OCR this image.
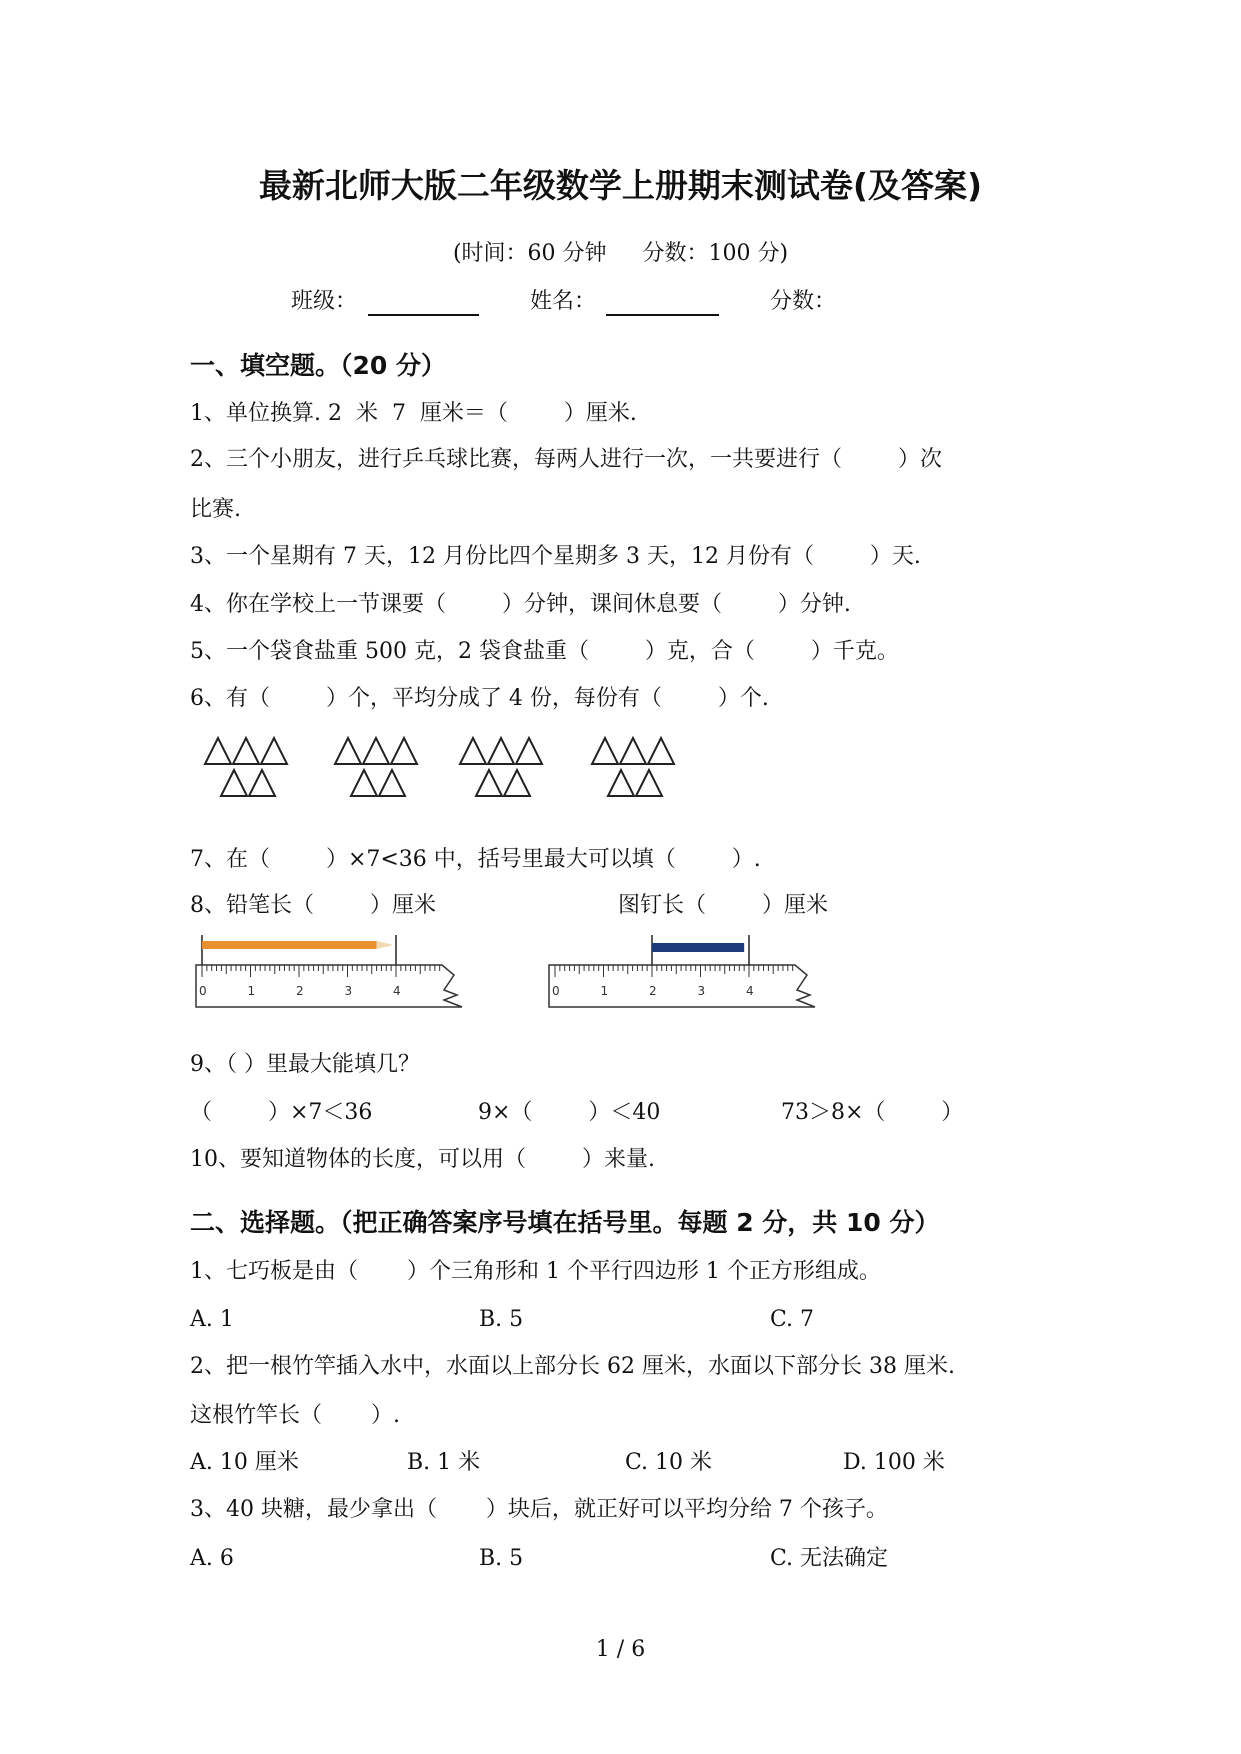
最新北师大版二年级数学上册期末测试卷(及答案)
(时间：60 分钟　  分数：100 分)
班级：	姓名：	分数：
一、填空题。（20 分）
1、单位换算. 2  米  7  厘米＝（        ）厘米.
2、三个小朋友，进行乒乓球比赛，每两人进行一次，一共要进行（        ）次
比赛.
3、一个星期有 7 天，12 月份比四个星期多 3 天，12 月份有（        ）天.
4、你在学校上一节课要（        ）分钟，课间休息要（        ）分钟.
5、一个袋食盐重 500 克，2 袋食盐重（        ）克，合（        ）千克。
6、有（        ）个，平均分成了 4 份，每份有（        ）个.
7、在（        ）×7<36 中，括号里最大可以填（        ）.
8、铅笔长（        ）厘米	图钉长（        ）厘米
0	1	2	3	4	0	1	2	3	4
9、（ ）里最大能填几？
（        ）×7＜36	9×（        ）＜40	73＞8×（        ）
10、要知道物体的长度，可以用（        ）来量.
二、选择题。（把正确答案序号填在括号里。每题 2 分，共 10 分）
1、七巧板是由（       ）个三角形和 1 个平行四边形 1 个正方形组成。
A. 1	B. 5	C. 7
2、把一根竹竿插入水中，水面以上部分长 62 厘米，水面以下部分长 38 厘米.
这根竹竿长（       ）.
A. 10 厘米	B. 1 米	C. 10 米	D. 100 米
3、40 块糖，最少拿出（       ）块后，就正好可以平均分给 7 个孩子。
A. 6	B. 5	C. 无法确定
1 / 6
